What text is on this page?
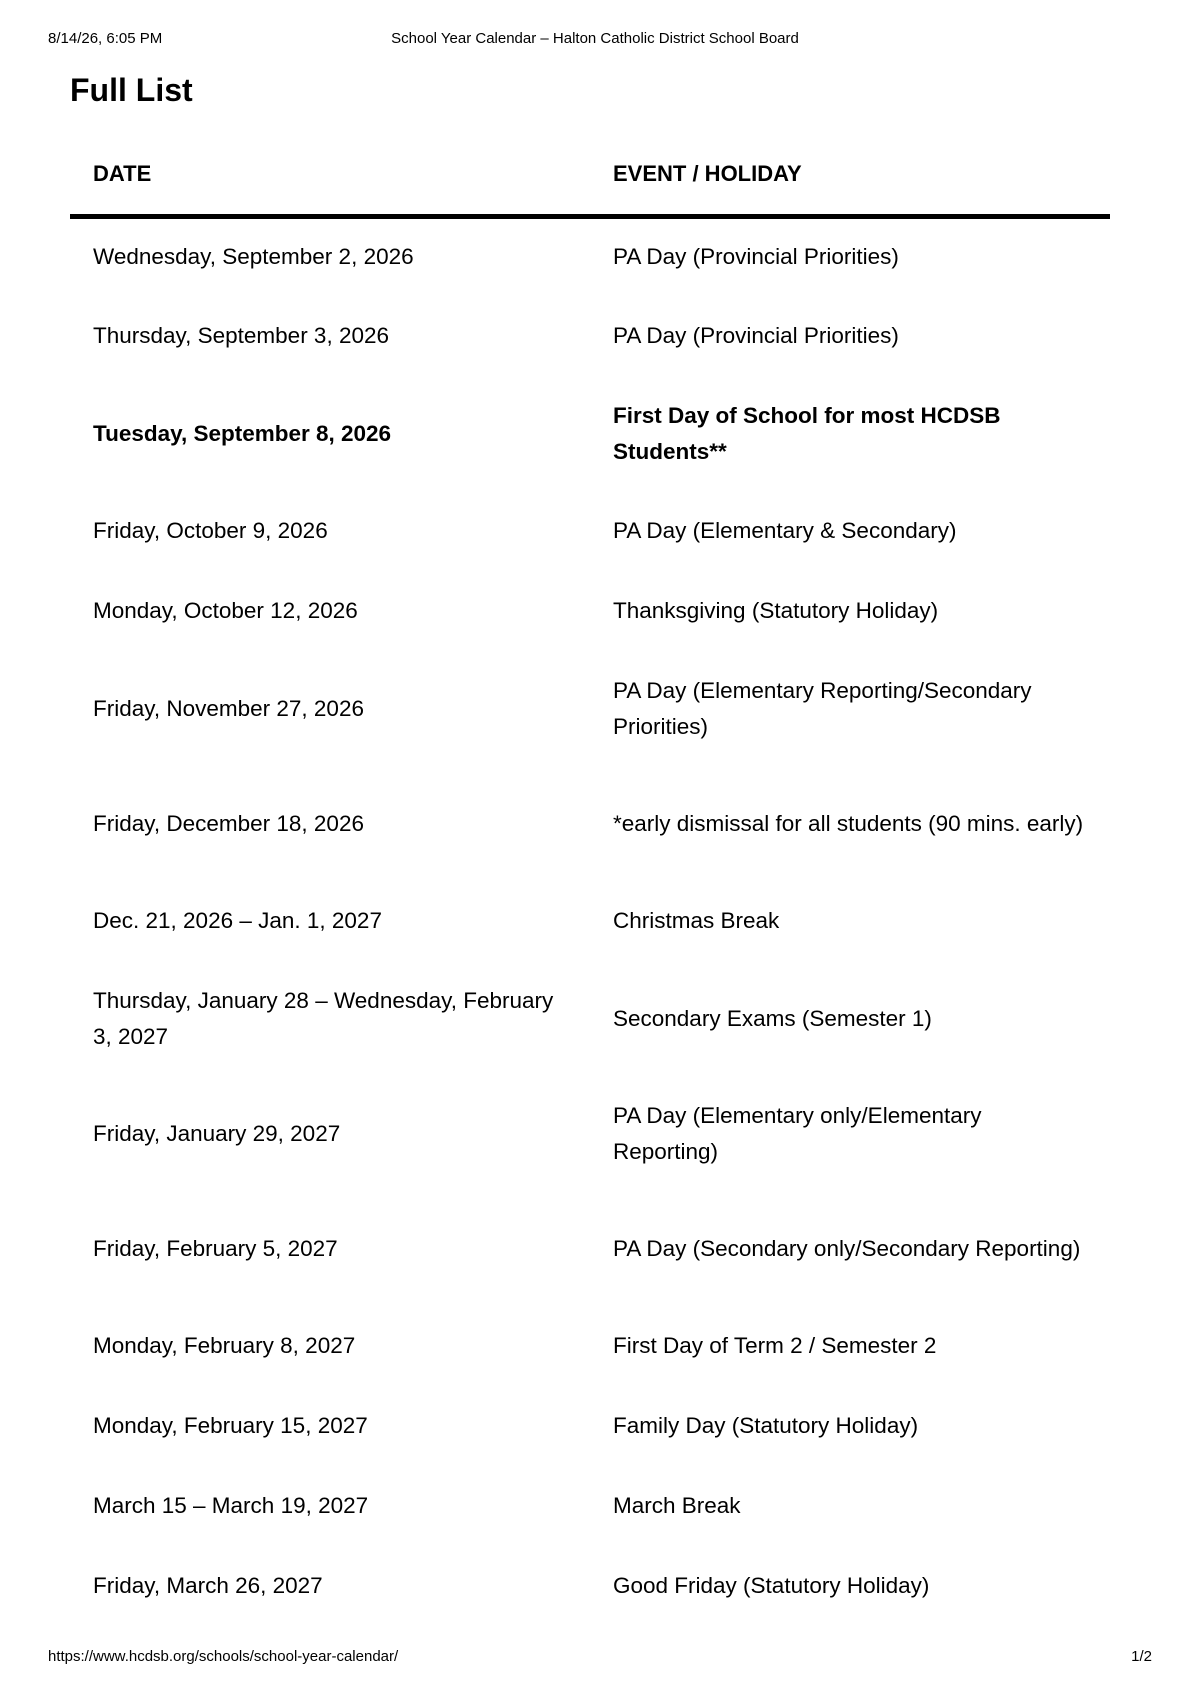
8/14/26, 6:05 PM	School Year Calendar – Halton Catholic District School Board
Full List
DATE	EVENT / HOLIDAY
Wednesday, September 2, 2026	PA Day (Provincial Priorities)
Thursday, September 3, 2026	PA Day (Provincial Priorities)
Tuesday, September 8, 2026	First Day of School for most HCDSB Students**
Friday, October 9, 2026	PA Day (Elementary & Secondary)
Monday, October 12, 2026	Thanksgiving (Statutory Holiday)
Friday, November 27, 2026	PA Day (Elementary Reporting/Secondary Priorities)
Friday, December 18, 2026	*early dismissal for all students (90 mins. early)
Dec. 21, 2026 – Jan. 1, 2027	Christmas Break
Thursday, January 28 – Wednesday, February 3, 2027	Secondary Exams (Semester 1)
Friday, January 29, 2027	PA Day (Elementary only/Elementary Reporting)
Friday, February 5, 2027	PA Day (Secondary only/Secondary Reporting)
Monday, February 8, 2027	First Day of Term 2 / Semester 2
Monday, February 15, 2027	Family Day (Statutory Holiday)
March 15 – March 19, 2027	March Break
Friday, March 26, 2027	Good Friday (Statutory Holiday)
https://www.hcdsb.org/schools/school-year-calendar/	1/2
